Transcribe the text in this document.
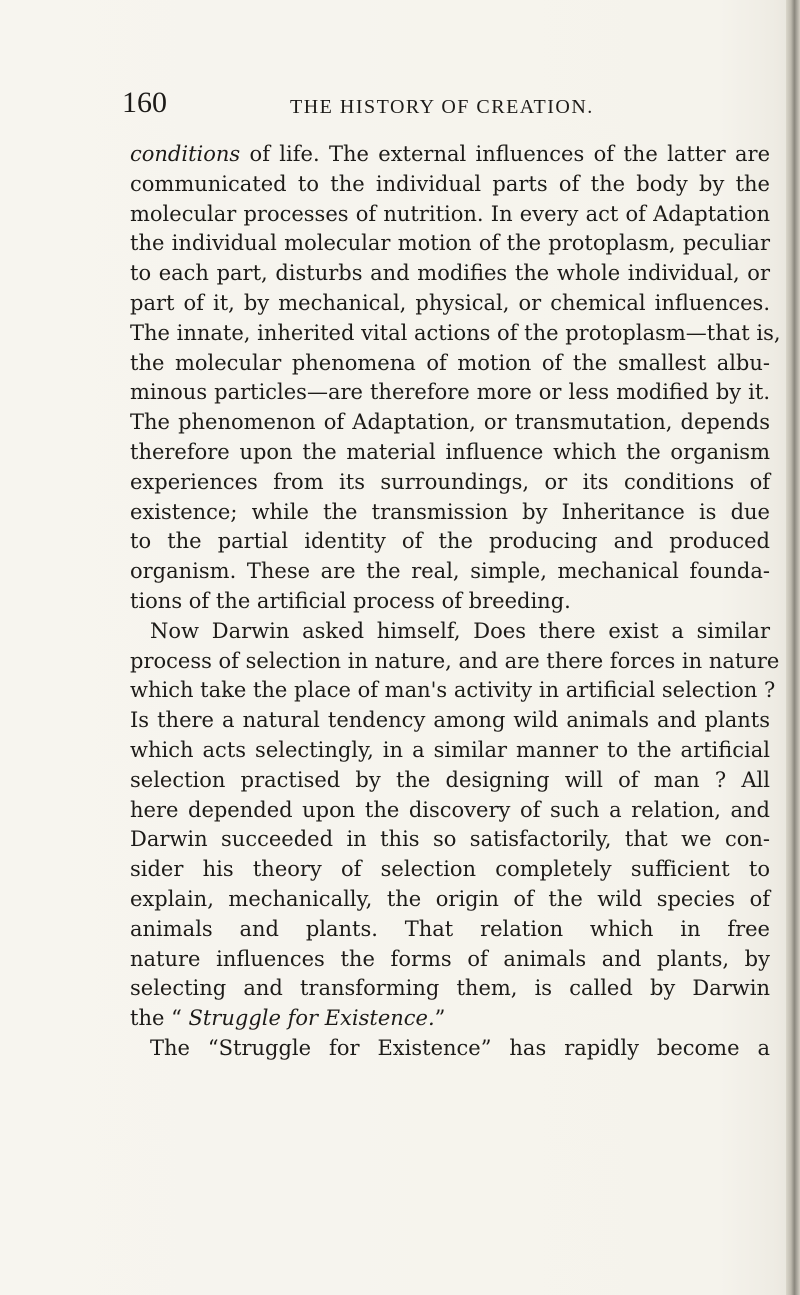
160	THE HISTORY OF CREATION.
conditions of life. The external influences of the latter are
communicated to the individual parts of the body by the
molecular processes of nutrition. In every act of Adaptation
the individual molecular motion of the protoplasm, peculiar
to each part, disturbs and modifies the whole individual, or
part of it, by mechanical, physical, or chemical influences.
The innate, inherited vital actions of the protoplasm—that is,
the molecular phenomena of motion of the smallest albu-
minous particles—are therefore more or less modified by it.
The phenomenon of Adaptation, or transmutation, depends
therefore upon the material influence which the organism
experiences from its surroundings, or its conditions of
existence; while the transmission by Inheritance is due
to the partial identity of the producing and produced
organism. These are the real, simple, mechanical founda-
tions of the artificial process of breeding.
Now Darwin asked himself, Does there exist a similar
process of selection in nature, and are there forces in nature
which take the place of man's activity in artificial selection ?
Is there a natural tendency among wild animals and plants
which acts selectingly, in a similar manner to the artificial
selection practised by the designing will of man ? All
here depended upon the discovery of such a relation, and
Darwin succeeded in this so satisfactorily, that we con-
sider his theory of selection completely sufficient to
explain, mechanically, the origin of the wild species of
animals and plants. That relation which in free
nature influences the forms of animals and plants, by
selecting and transforming them, is called by Darwin
the “ Struggle for Existence.”
The “Struggle for Existence” has rapidly become a
